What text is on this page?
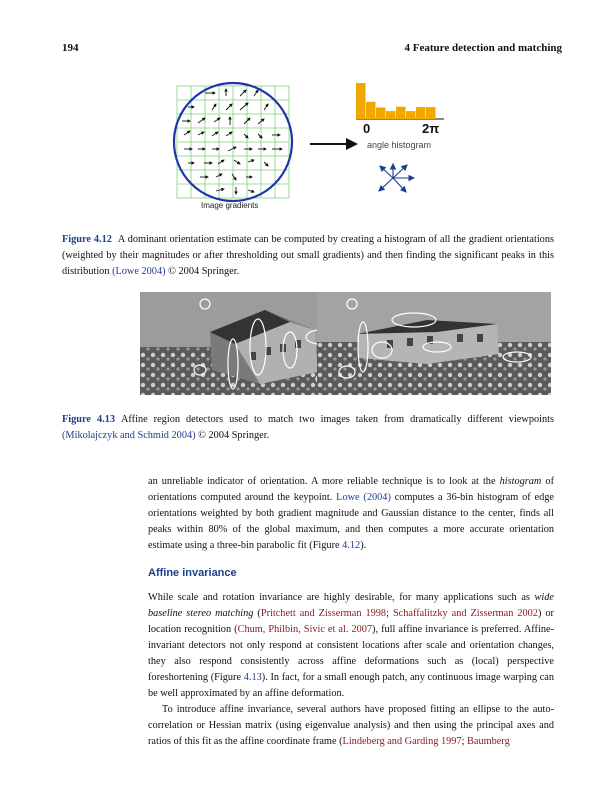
194	4 Feature detection and matching
0	2π
angle histogram
Image gradients
Figure 4.12 A dominant orientation estimate can be computed by creating a histogram of all the gradient orientations (weighted by their magnitudes or after thresholding out small gradients) and then finding the significant peaks in this distribution (Lowe 2004) © 2004 Springer.
Figure 4.13 Affine region detectors used to match two images taken from dramatically different viewpoints (Mikolajczyk and Schmid 2004) © 2004 Springer.

an unreliable indicator of orientation. A more reliable technique is to look at the histogram of orientations computed around the keypoint. Lowe (2004) computes a 36-bin histogram of edge orientations weighted by both gradient magnitude and Gaussian distance to the center, finds all peaks within 80% of the global maximum, and then computes a more accurate orientation estimate using a three-bin parabolic fit (Figure 4.12).

Affine invariance

While scale and rotation invariance are highly desirable, for many applications such as wide baseline stereo matching (Pritchett and Zisserman 1998; Schaffalitzky and Zisserman 2002) or location recognition (Chum, Philbin, Sivic et al. 2007), full affine invariance is preferred. Affine-invariant detectors not only respond at consistent locations after scale and orientation changes, they also respond consistently across affine deformations such as (local) perspective foreshortening (Figure 4.13). In fact, for a small enough patch, any continuous image warping can be well approximated by an affine deformation.

To introduce affine invariance, several authors have proposed fitting an ellipse to the auto-correlation or Hessian matrix (using eigenvalue analysis) and then using the principal axes and ratios of this fit as the affine coordinate frame (Lindeberg and Garding 1997; Baumberg
